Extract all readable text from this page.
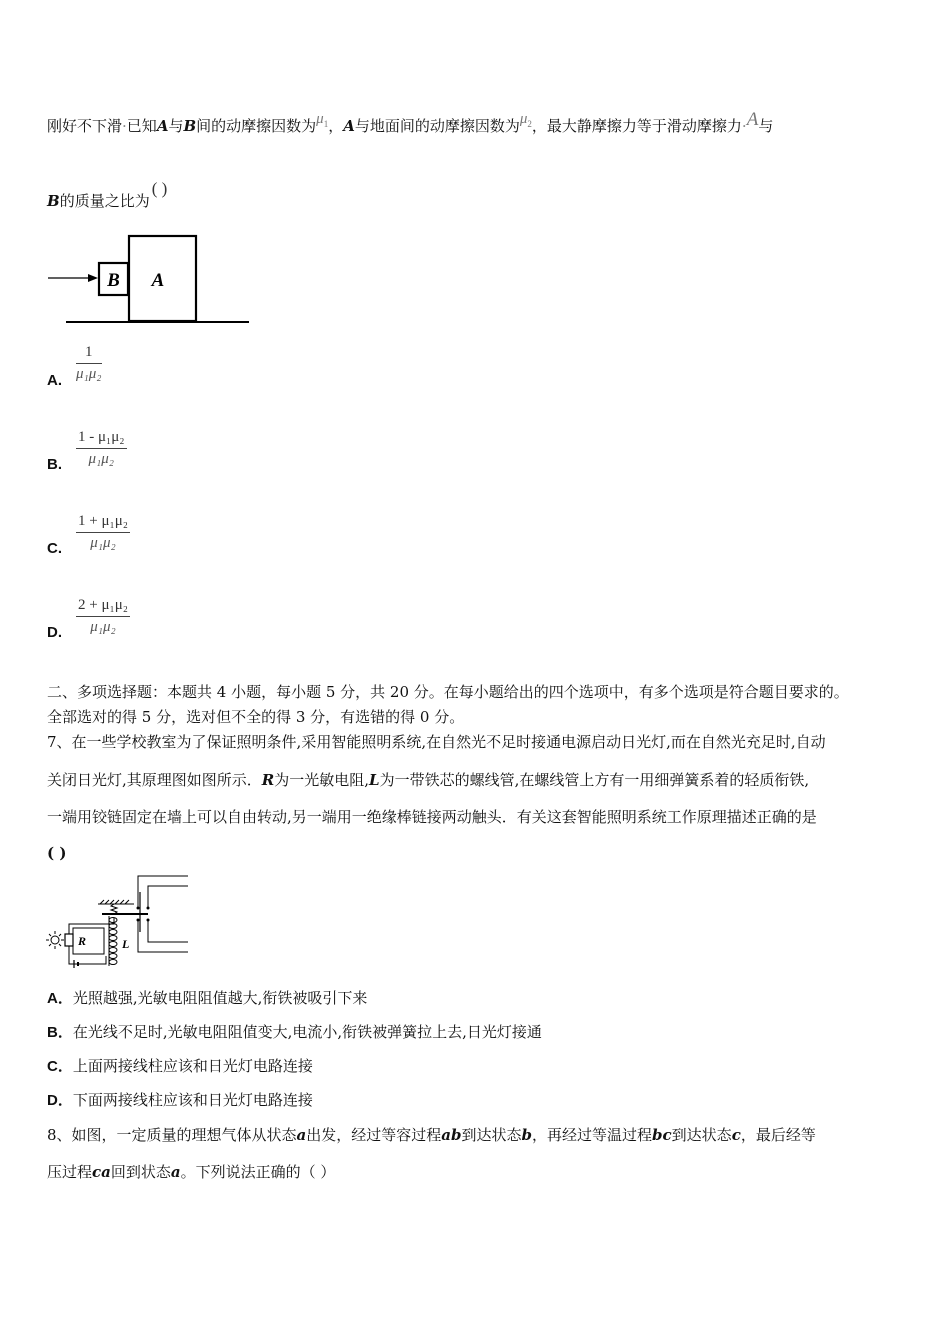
刚好不下滑·已知A与B间的动摩擦因数为$\mu_1$，A与地面间的动摩擦因数为$\mu_2$，最大静摩擦力等于滑动摩擦力·A与
B的质量之比为( )
B A
A. $\frac{1}{\text{μ₁μ₂}}$
B. $\frac{\text{1 - μ₁μ₂}}{\text{μ₁μ₂}}$
C. $\frac{\text{1 + μ₁μ₂}}{\text{μ₁μ₂}}$
D. $\frac{\text{2 + μ₁μ₂}}{\text{μ₁μ₂}}$
二、多项选择题：本题共 4 小题，每小题 5 分，共 20 分。在每小题给出的四个选项中，有多个选项是符合题目要求的。
全部选对的得 5 分，选对但不全的得 3 分，有选错的得 0 分。
7、在一些学校教室为了保证照明条件,采用智能照明系统,在自然光不足时接通电源启动日光灯,而在自然光充足时,自动
关闭日光灯,其原理图如图所示．R为一光敏电阻,L为一带铁芯的螺线管,在螺线管上方有一用细弹簧系着的轻质衔铁,
一端用铰链固定在墙上可以自由转动,另一端用一绝缘棒链接两动触头．有关这套智能照明系统工作原理描述正确的是
( )
R	L
A．光照越强,光敏电阻阻值越大,衔铁被吸引下来
B．在光线不足时,光敏电阻阻值变大,电流小,衔铁被弹簧拉上去,日光灯接通
C．上面两接线柱应该和日光灯电路连接
D．下面两接线柱应该和日光灯电路连接
8、如图，一定质量的理想气体从状态a出发，经过等容过程ab到达状态b，再经过等温过程bc到达状态c，最后经等
压过程ca回到状态a。下列说法正确的（ ）
